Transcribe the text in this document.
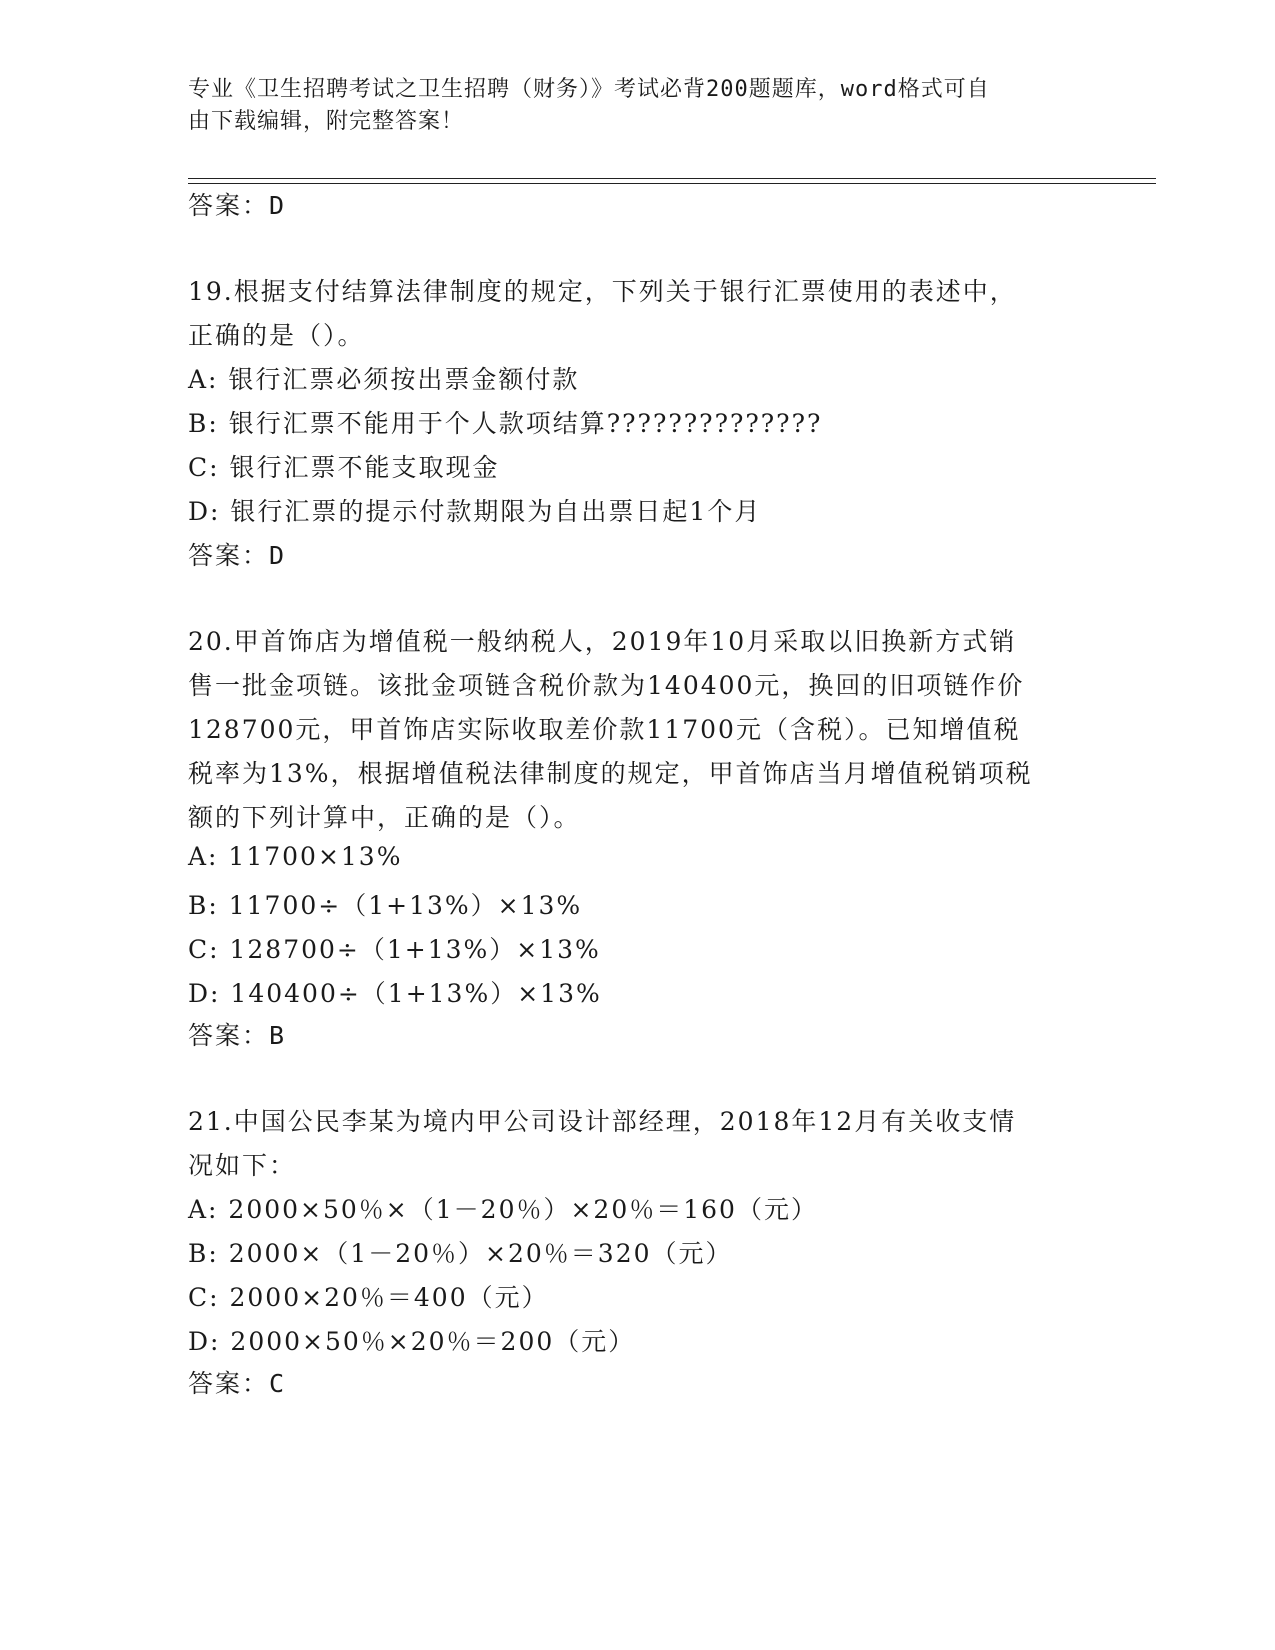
专业《卫生招聘考试之卫生招聘（财务）》考试必背200题题库，word格式可自
由下载编辑，附完整答案！
答案：D
19.根据支付结算法律制度的规定，下列关于银行汇票使用的表述中，
正确的是（）。
A: 银行汇票必须按出票金额付款
B: 银行汇票不能用于个人款项结算??????????????
C: 银行汇票不能支取现金
D: 银行汇票的提示付款期限为自出票日起1个月
答案：D
20.甲首饰店为增值税一般纳税人，2019年10月采取以旧换新方式销
售一批金项链。该批金项链含税价款为140400元，换回的旧项链作价
128700元，甲首饰店实际收取差价款11700元（含税）。已知增值税
税率为13%，根据增值税法律制度的规定，甲首饰店当月增值税销项税
额的下列计算中，正确的是（）。
A: 11700×13%
B: 11700÷（1+13%）×13%
C: 128700÷（1+13%）×13%
D: 140400÷（1+13%）×13%
答案：B
21.中国公民李某为境内甲公司设计部经理，2018年12月有关收支情
况如下：
A: 2000×50％×（1－20％）×20％＝160（元）
B: 2000×（1－20％）×20％＝320（元）
C: 2000×20％＝400（元）
D: 2000×50％×20％＝200（元）
答案：C
